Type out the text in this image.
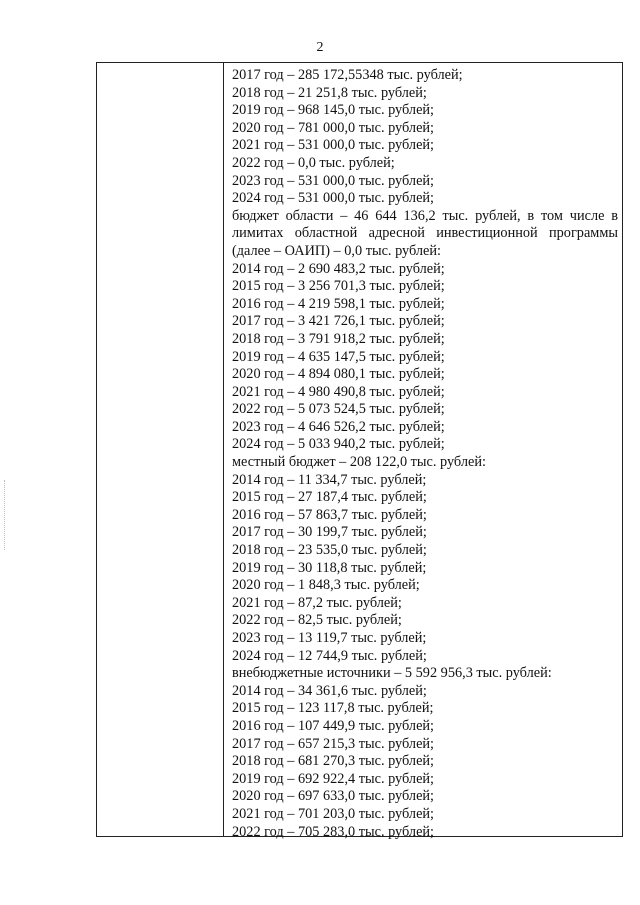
2

2017 год – 285 172,55348 тыс. рублей;

2018 год – 21 251,8 тыс. рублей;

2019 год – 968 145,0 тыс. рублей;

2020 год – 781 000,0 тыс. рублей;

2021 год – 531 000,0 тыс. рублей;

2022 год – 0,0 тыс. рублей;

2023 год – 531 000,0 тыс. рублей;

2024 год – 531 000,0 тыс. рублей;

бюджет области – 46 644 136,2 тыс. рублей, в том числе в

лимитах областной адресной инвестиционной программы

(далее – ОАИП) – 0,0 тыс. рублей:

2014 год – 2 690 483,2 тыс. рублей;

2015 год – 3 256 701,3 тыс. рублей;

2016 год – 4 219 598,1 тыс. рублей;

2017 год – 3 421 726,1 тыс. рублей;

2018 год – 3 791 918,2 тыс. рублей;

2019 год – 4 635 147,5 тыс. рублей;

2020 год – 4 894 080,1 тыс. рублей;

2021 год – 4 980 490,8 тыс. рублей;

2022 год – 5 073 524,5 тыс. рублей;

2023 год – 4 646 526,2 тыс. рублей;

2024 год – 5 033 940,2 тыс. рублей;

местный бюджет – 208 122,0 тыс. рублей:

2014 год – 11 334,7 тыс. рублей;

2015 год – 27 187,4 тыс. рублей;

2016 год – 57 863,7 тыс. рублей;

2017 год – 30 199,7 тыс. рублей;

2018 год – 23 535,0 тыс. рублей;

2019 год – 30 118,8 тыс. рублей;

2020 год – 1 848,3 тыс. рублей;

2021 год – 87,2 тыс. рублей;

2022 год – 82,5 тыс. рублей;

2023 год – 13 119,7 тыс. рублей;

2024 год – 12 744,9 тыс. рублей;

внебюджетные источники – 5 592 956,3 тыс. рублей:

2014 год – 34 361,6 тыс. рублей;

2015 год – 123 117,8 тыс. рублей;

2016 год – 107 449,9 тыс. рублей;

2017 год – 657 215,3 тыс. рублей;

2018 год – 681 270,3 тыс. рублей;

2019 год – 692 922,4 тыс. рублей;

2020 год – 697 633,0 тыс. рублей;

2021 год – 701 203,0 тыс. рублей;

2022 год – 705 283,0 тыс. рублей;
